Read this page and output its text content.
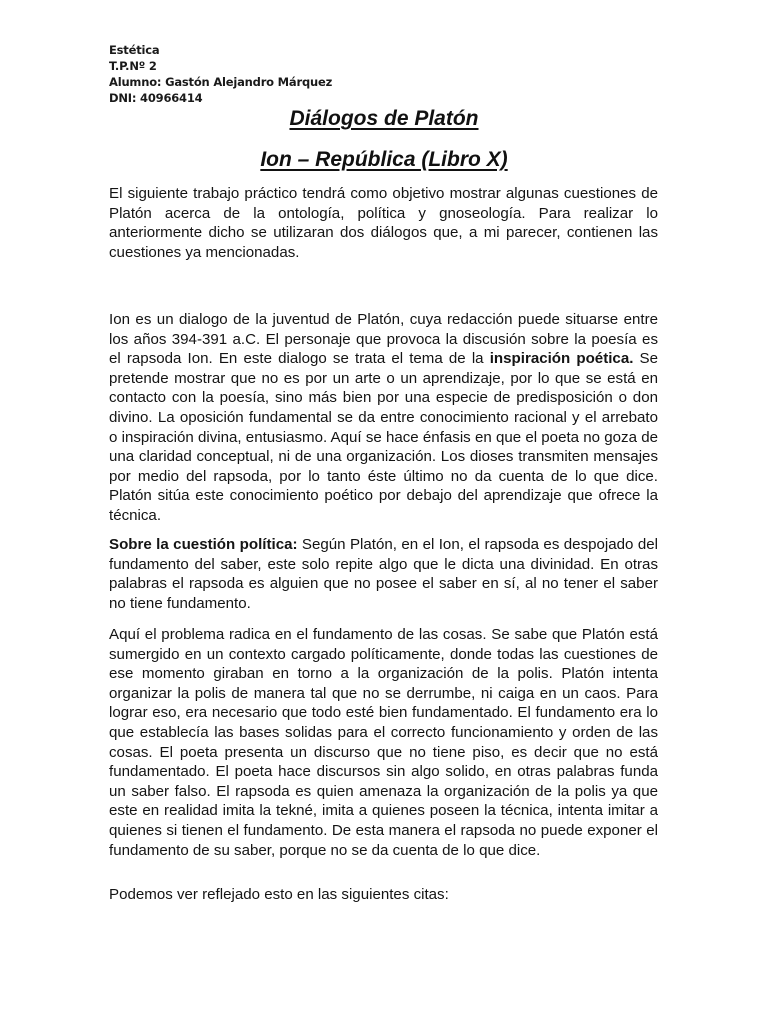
Estética
T.P.Nº 2
Alumno: Gastón Alejandro Márquez
DNI: 40966414
Diálogos de Platón
Ion – República (Libro X)
El siguiente trabajo práctico tendrá como objetivo mostrar algunas cuestiones de Platón acerca de la ontología, política y gnoseología. Para realizar lo anteriormente dicho se utilizaran dos diálogos que, a mi parecer, contienen las cuestiones ya mencionadas.
Ion es un dialogo de la juventud de Platón, cuya redacción puede situarse entre los años 394-391 a.C. El personaje que provoca la discusión sobre la poesía es el rapsoda Ion. En este dialogo se trata el tema de la inspiración poética. Se pretende mostrar que no es por un arte o un aprendizaje, por lo que se está en contacto con la poesía, sino más bien por una especie de predisposición o don divino. La oposición fundamental se da entre conocimiento racional y el arrebato o inspiración divina, entusiasmo. Aquí se hace énfasis en que el poeta no goza de una claridad conceptual, ni de una organización. Los dioses transmiten mensajes por medio del rapsoda, por lo tanto éste último no da cuenta de lo que dice. Platón sitúa este conocimiento poético por debajo del aprendizaje que ofrece la técnica.
Sobre la cuestión política: Según Platón, en el Ion, el rapsoda es despojado del fundamento del saber, este solo repite algo que le dicta una divinidad. En otras palabras el rapsoda es alguien que no posee el saber en sí, al no tener el saber no tiene fundamento.
Aquí el problema radica en el fundamento de las cosas. Se sabe que Platón está sumergido en un contexto cargado políticamente, donde todas las cuestiones de ese momento giraban en torno a la organización de la polis. Platón intenta organizar la polis de manera tal que no se derrumbe, ni caiga en un caos. Para lograr eso, era necesario que todo esté bien fundamentado. El fundamento era lo que establecía las bases solidas para el correcto funcionamiento y orden de las cosas. El poeta presenta un discurso que no tiene piso, es decir que no está fundamentado. El poeta hace discursos sin algo solido, en otras palabras funda un saber falso. El rapsoda es quien amenaza la organización de la polis ya que este en realidad imita la tekné, imita a quienes poseen la técnica, intenta imitar a quienes si tienen el fundamento. De esta manera el rapsoda no puede exponer el fundamento de su saber, porque no se da cuenta de lo que dice.
Podemos ver reflejado esto en las siguientes citas:
